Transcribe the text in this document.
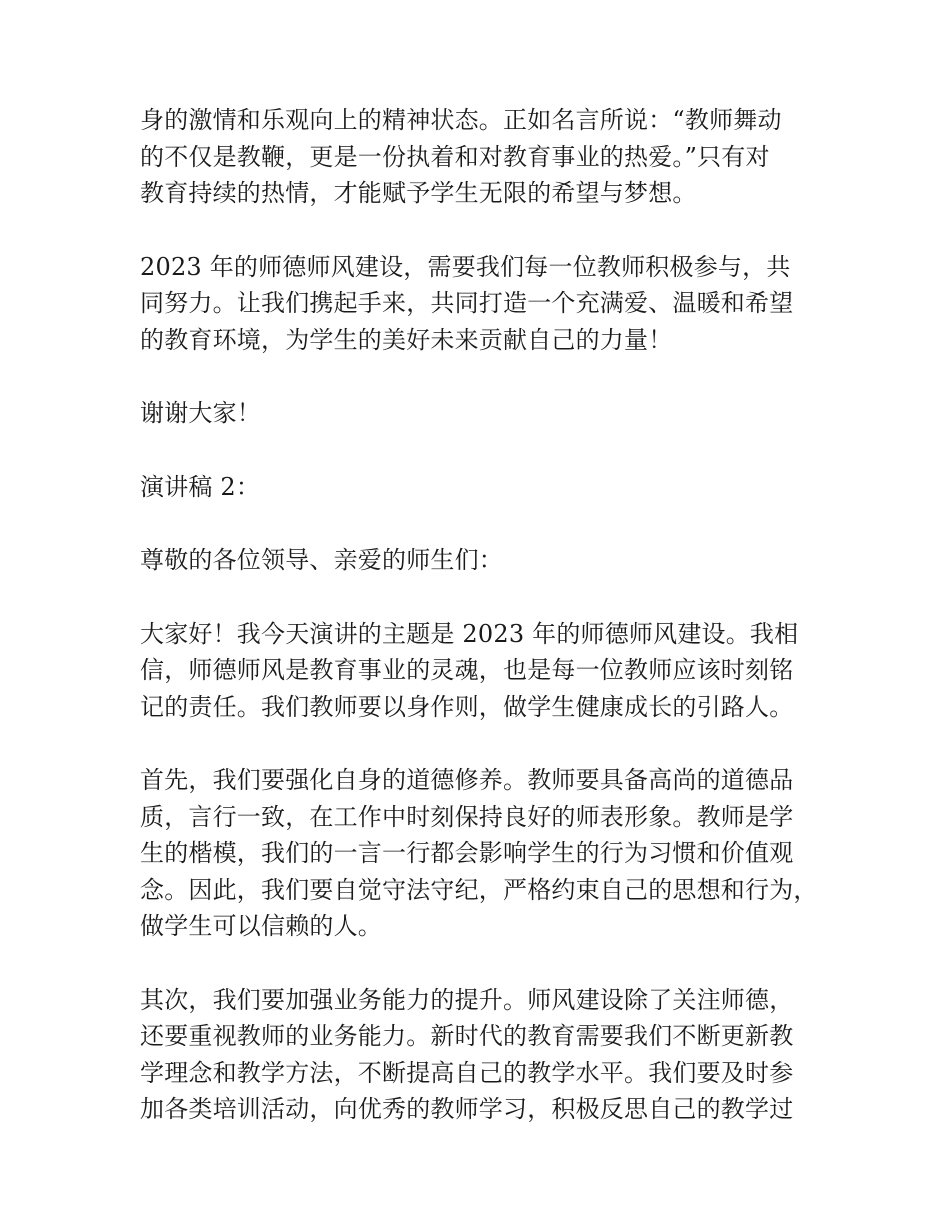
身的激情和乐观向上的精神状态。正如名言所说：“教师舞动
的不仅是教鞭，更是一份执着和对教育事业的热爱。”只有对
教育持续的热情，才能赋予学生无限的希望与梦想。

2023 年的师德师风建设，需要我们每一位教师积极参与，共
同努力。让我们携起手来，共同打造一个充满爱、温暖和希望
的教育环境，为学生的美好未来贡献自己的力量！

谢谢大家！

演讲稿 2：

尊敬的各位领导、亲爱的师生们：

大家好！我今天演讲的主题是 2023 年的师德师风建设。我相
信，师德师风是教育事业的灵魂，也是每一位教师应该时刻铭
记的责任。我们教师要以身作则，做学生健康成长的引路人。

首先，我们要强化自身的道德修养。教师要具备高尚的道德品
质，言行一致，在工作中时刻保持良好的师表形象。教师是学
生的楷模，我们的一言一行都会影响学生的行为习惯和价值观
念。因此，我们要自觉守法守纪，严格约束自己的思想和行为，
做学生可以信赖的人。

其次，我们要加强业务能力的提升。师风建设除了关注师德，
还要重视教师的业务能力。新时代的教育需要我们不断更新教
学理念和教学方法，不断提高自己的教学水平。我们要及时参
加各类培训活动，向优秀的教师学习，积极反思自己的教学过
